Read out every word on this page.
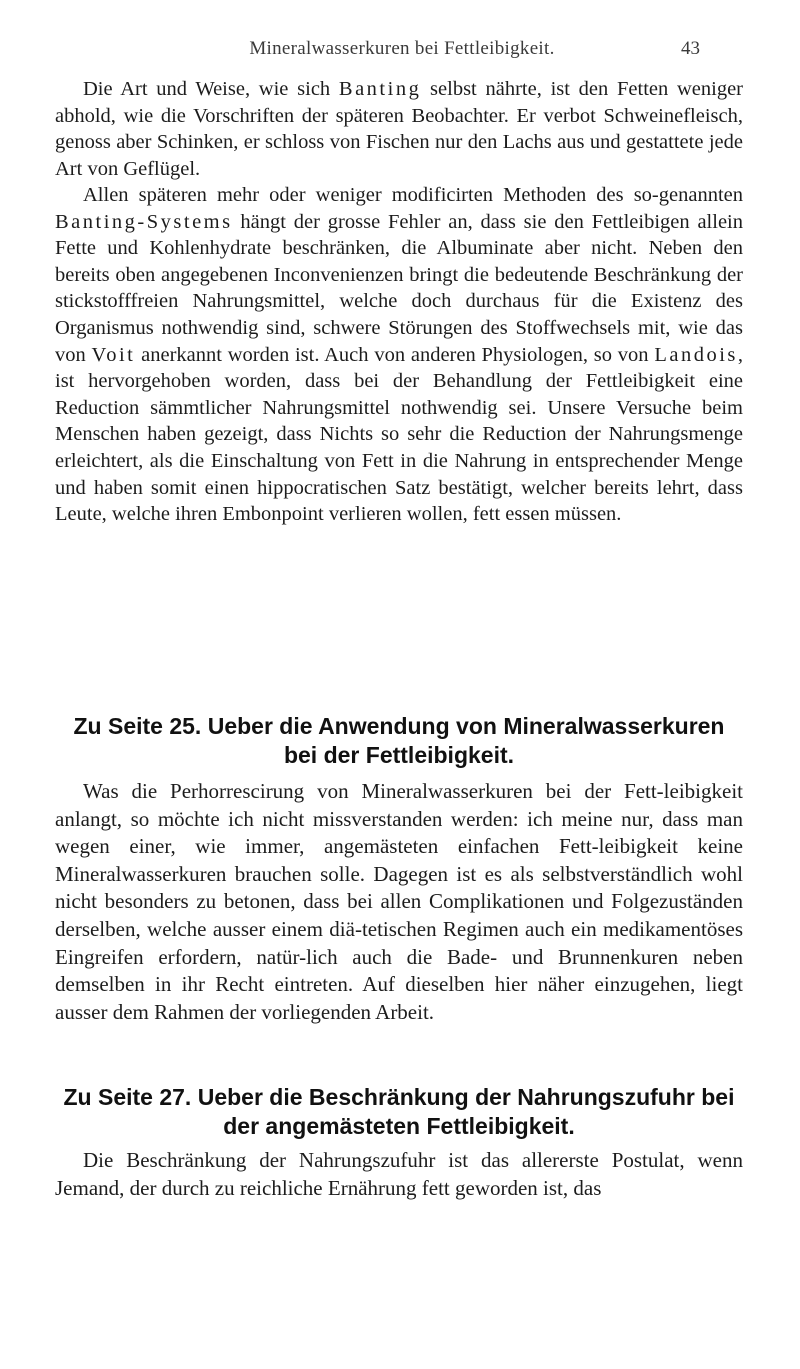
Mineralwasserkuren bei Fettleibigkeit.	43

Die Art und Weise, wie sich Banting selbst nährte, ist den Fetten weniger abhold, wie die Vorschriften der späteren Beobachter. Er verbot Schweinefleisch, genoss aber Schinken, er schloss von Fischen nur den Lachs aus und gestattete jede Art von Geflügel.

Allen späteren mehr oder weniger modificirten Methoden des so-genannten Banting-Systems hängt der grosse Fehler an, dass sie den Fettleibigen allein Fette und Kohlenhydrate beschränken, die Albuminate aber nicht. Neben den bereits oben angegebenen Inconvenienzen bringt die bedeutende Beschränkung der stickstofffreien Nahrungsmittel, welche doch durchaus für die Existenz des Organismus nothwendig sind, schwere Störungen des Stoffwechsels mit, wie das von Voit anerkannt worden ist. Auch von anderen Physiologen, so von Landois, ist hervorgehoben worden, dass bei der Behandlung der Fettleibigkeit eine Reduction sämmtlicher Nahrungsmittel nothwendig sei. Unsere Versuche beim Menschen haben gezeigt, dass Nichts so sehr die Reduction der Nahrungsmenge erleichtert, als die Einschaltung von Fett in die Nahrung in entsprechender Menge und haben somit einen hippocratischen Satz bestätigt, welcher bereits lehrt, dass Leute, welche ihren Embonpoint verlieren wollen, fett essen müssen.

Zu Seite 25. Ueber die Anwendung von Mineralwasserkuren bei der Fettleibigkeit.

Was die Perhorrescirung von Mineralwasserkuren bei der Fett-leibigkeit anlangt, so möchte ich nicht missverstanden werden: ich meine nur, dass man wegen einer, wie immer, angemästeten einfachen Fett-leibigkeit keine Mineralwasserkuren brauchen solle. Dagegen ist es als selbstverständlich wohl nicht besonders zu betonen, dass bei allen Complikationen und Folgezuständen derselben, welche ausser einem diä-tetischen Regimen auch ein medikamentöses Eingreifen erfordern, natür-lich auch die Bade- und Brunnenkuren neben demselben in ihr Recht eintreten. Auf dieselben hier näher einzugehen, liegt ausser dem Rahmen der vorliegenden Arbeit.

Zu Seite 27. Ueber die Beschränkung der Nahrungszufuhr bei der angemästeten Fettleibigkeit.

Die Beschränkung der Nahrungszufuhr ist das allererste Postulat, wenn Jemand, der durch zu reichliche Ernährung fett geworden ist, das
